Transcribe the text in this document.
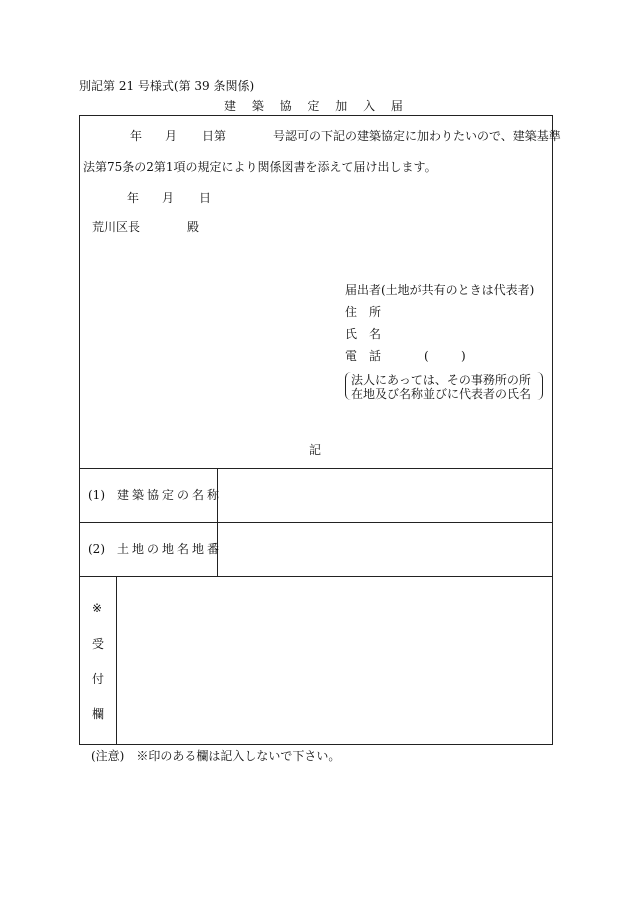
別記第 21 号様式(第 39 条関係)
建 築 協 定 加 入 届
年 月 日第	号認可の下記の建築協定に加わりたいので、建築基準
法第75条の2第1項の規定により関係図書を添えて届け出します。
年 月 日
荒川区長	殿
届出者(土地が共有のときは代表者)
住　所
氏　名
電　話	(	)
法人にあっては、その事務所の所
在地及び名称並びに代表者の氏名
記
(1) 建築協定の名称
(2) 土地の地名地番
※
受
付
欄
(注意)　※印のある欄は記入しないで下さい。
